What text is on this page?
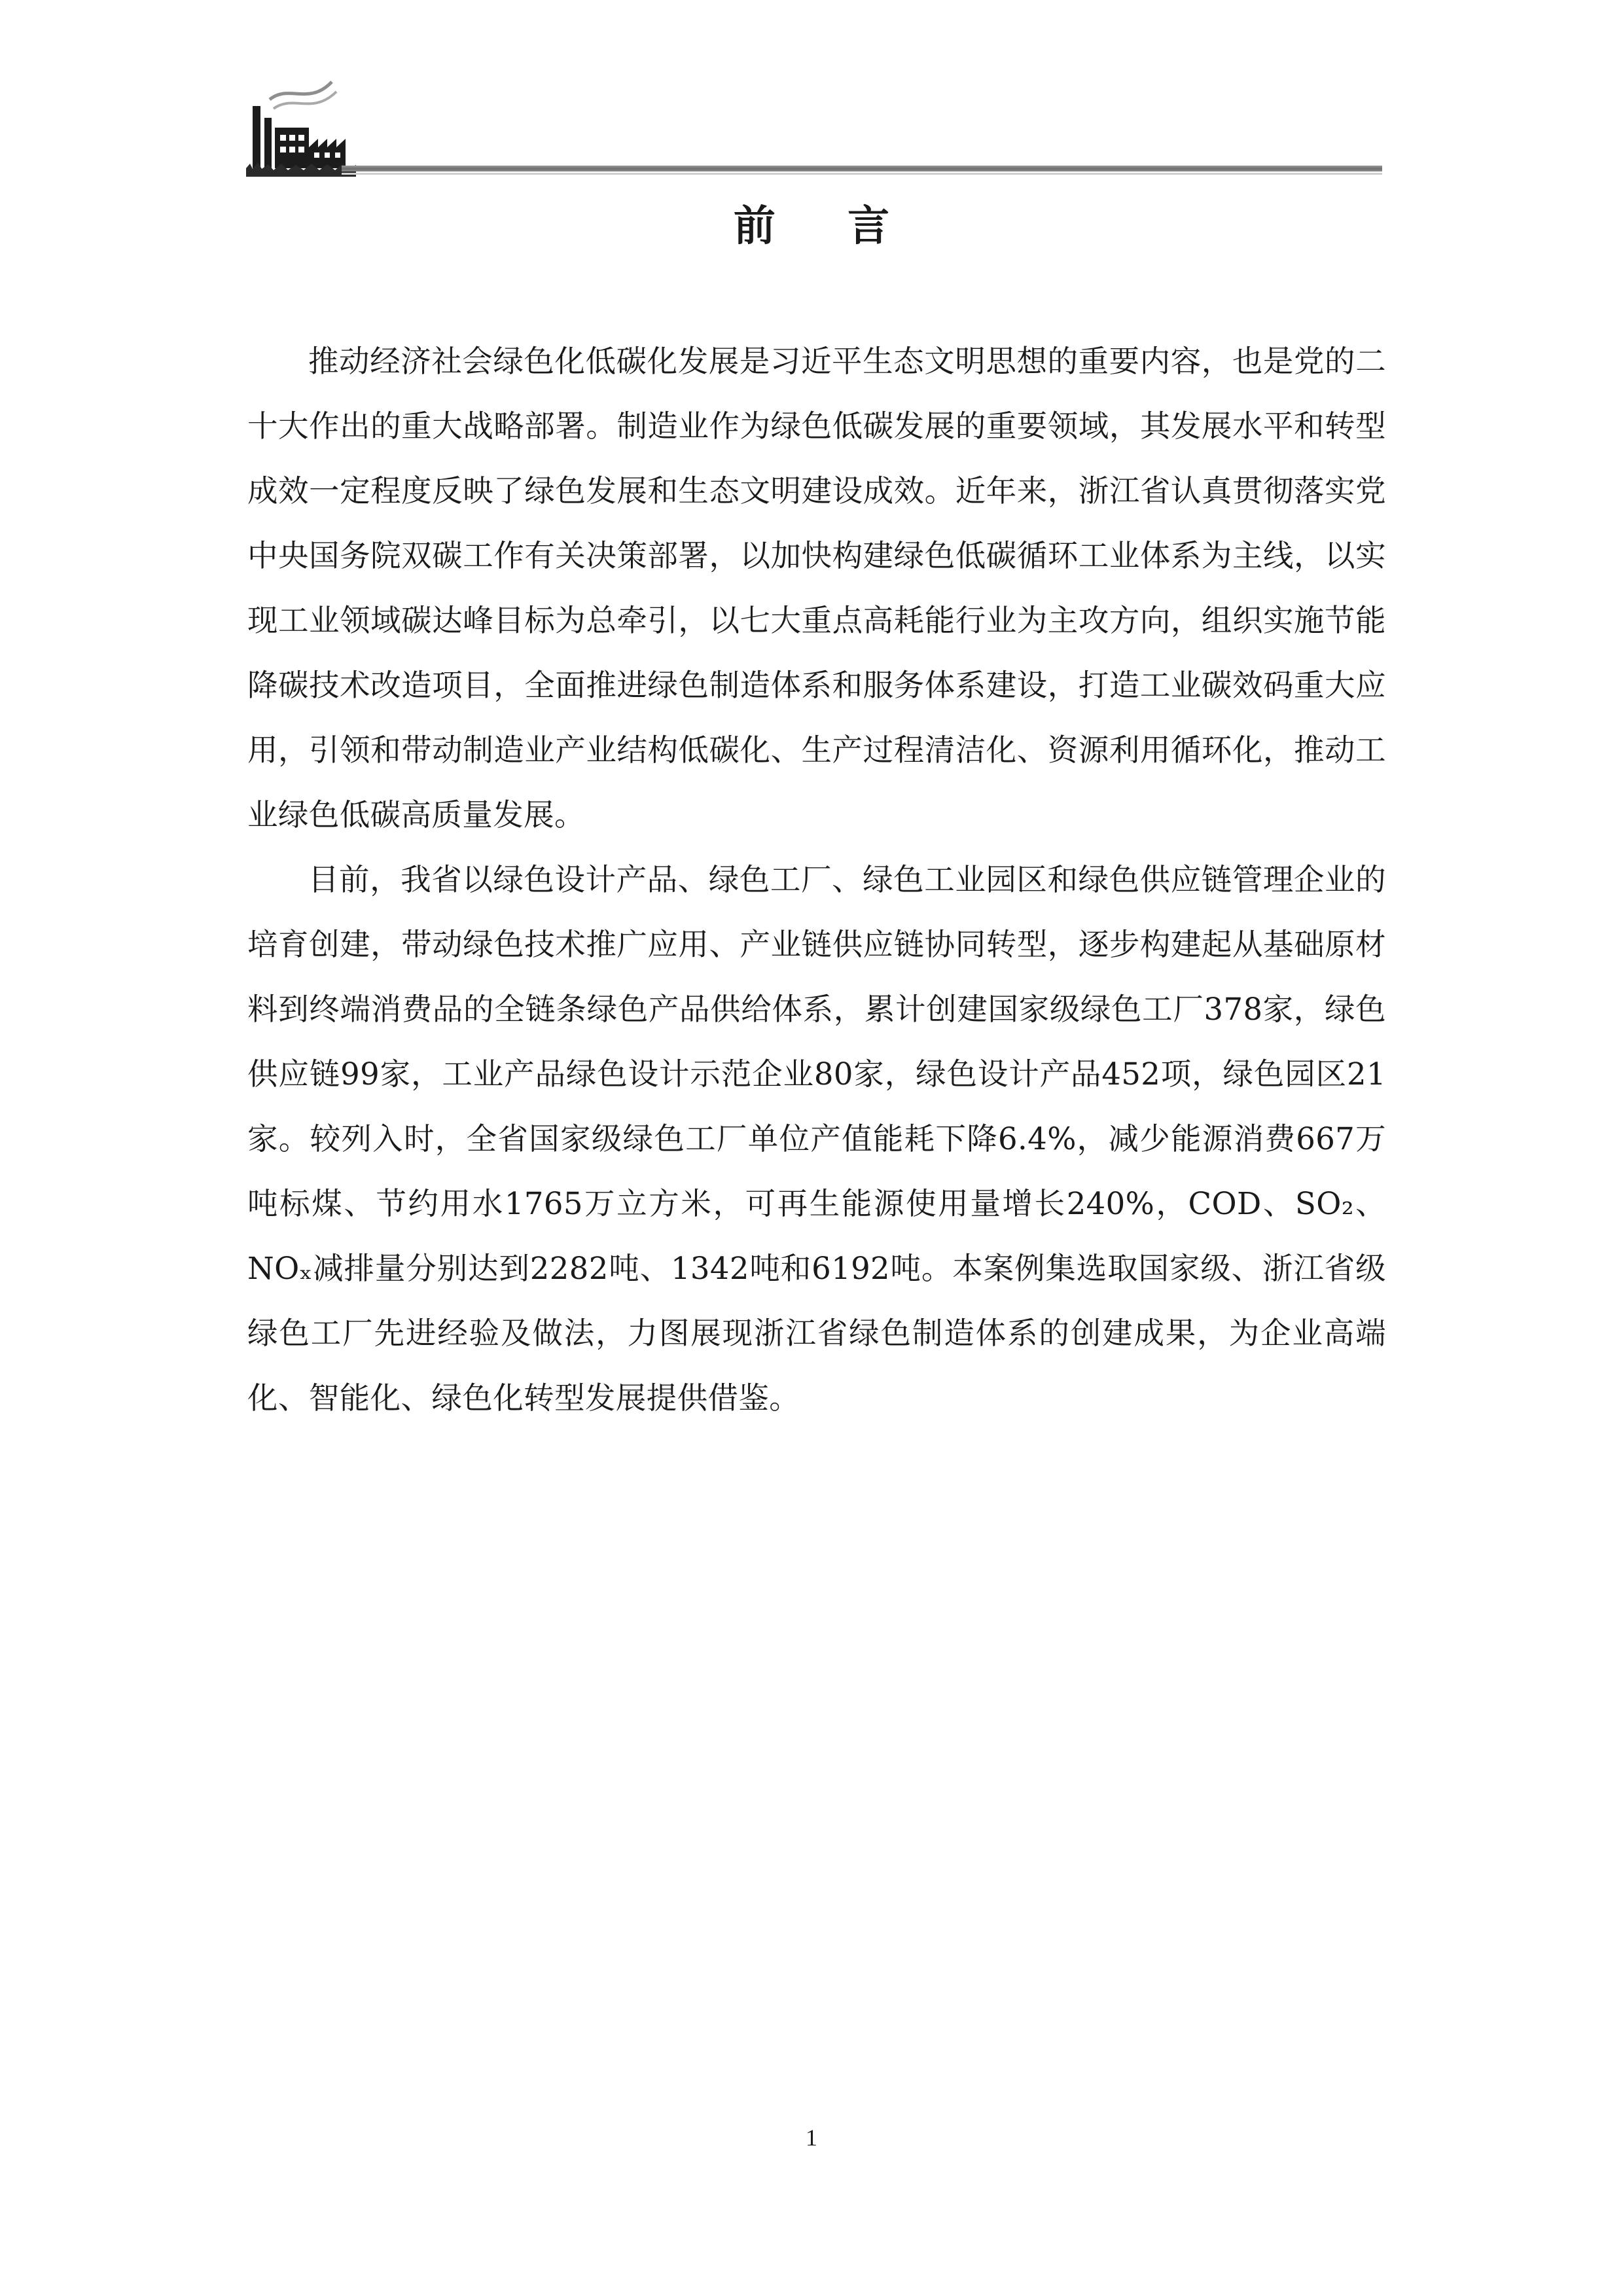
前 言

推动经济社会绿色化低碳化发展是习近平生态文明思想的重要内容，也是党的二十大作出的重大战略部署。制造业作为绿色低碳发展的重要领域，其发展水平和转型成效一定程度反映了绿色发展和生态文明建设成效。近年来，浙江省认真贯彻落实党中央国务院双碳工作有关决策部署，以加快构建绿色低碳循环工业体系为主线，以实现工业领域碳达峰目标为总牵引，以七大重点高耗能行业为主攻方向，组织实施节能降碳技术改造项目，全面推进绿色制造体系和服务体系建设，打造工业碳效码重大应用，引领和带动制造业产业结构低碳化、生产过程清洁化、资源利用循环化，推动工业绿色低碳高质量发展。

目前，我省以绿色设计产品、绿色工厂、绿色工业园区和绿色供应链管理企业的培育创建，带动绿色技术推广应用、产业链供应链协同转型，逐步构建起从基础原材料到终端消费品的全链条绿色产品供给体系，累计创建国家级绿色工厂378家，绿色供应链99家，工业产品绿色设计示范企业80家，绿色设计产品452项，绿色园区21家。较列入时，全省国家级绿色工厂单位产值能耗下降6.4%，减少能源消费667万吨标煤、节约用水1765万立方米，可再生能源使用量增长240%，COD、SO₂、NOₓ减排量分别达到2282吨、1342吨和6192吨。本案例集选取国家级、浙江省级绿色工厂先进经验及做法，力图展现浙江省绿色制造体系的创建成果，为企业高端化、智能化、绿色化转型发展提供借鉴。

1
